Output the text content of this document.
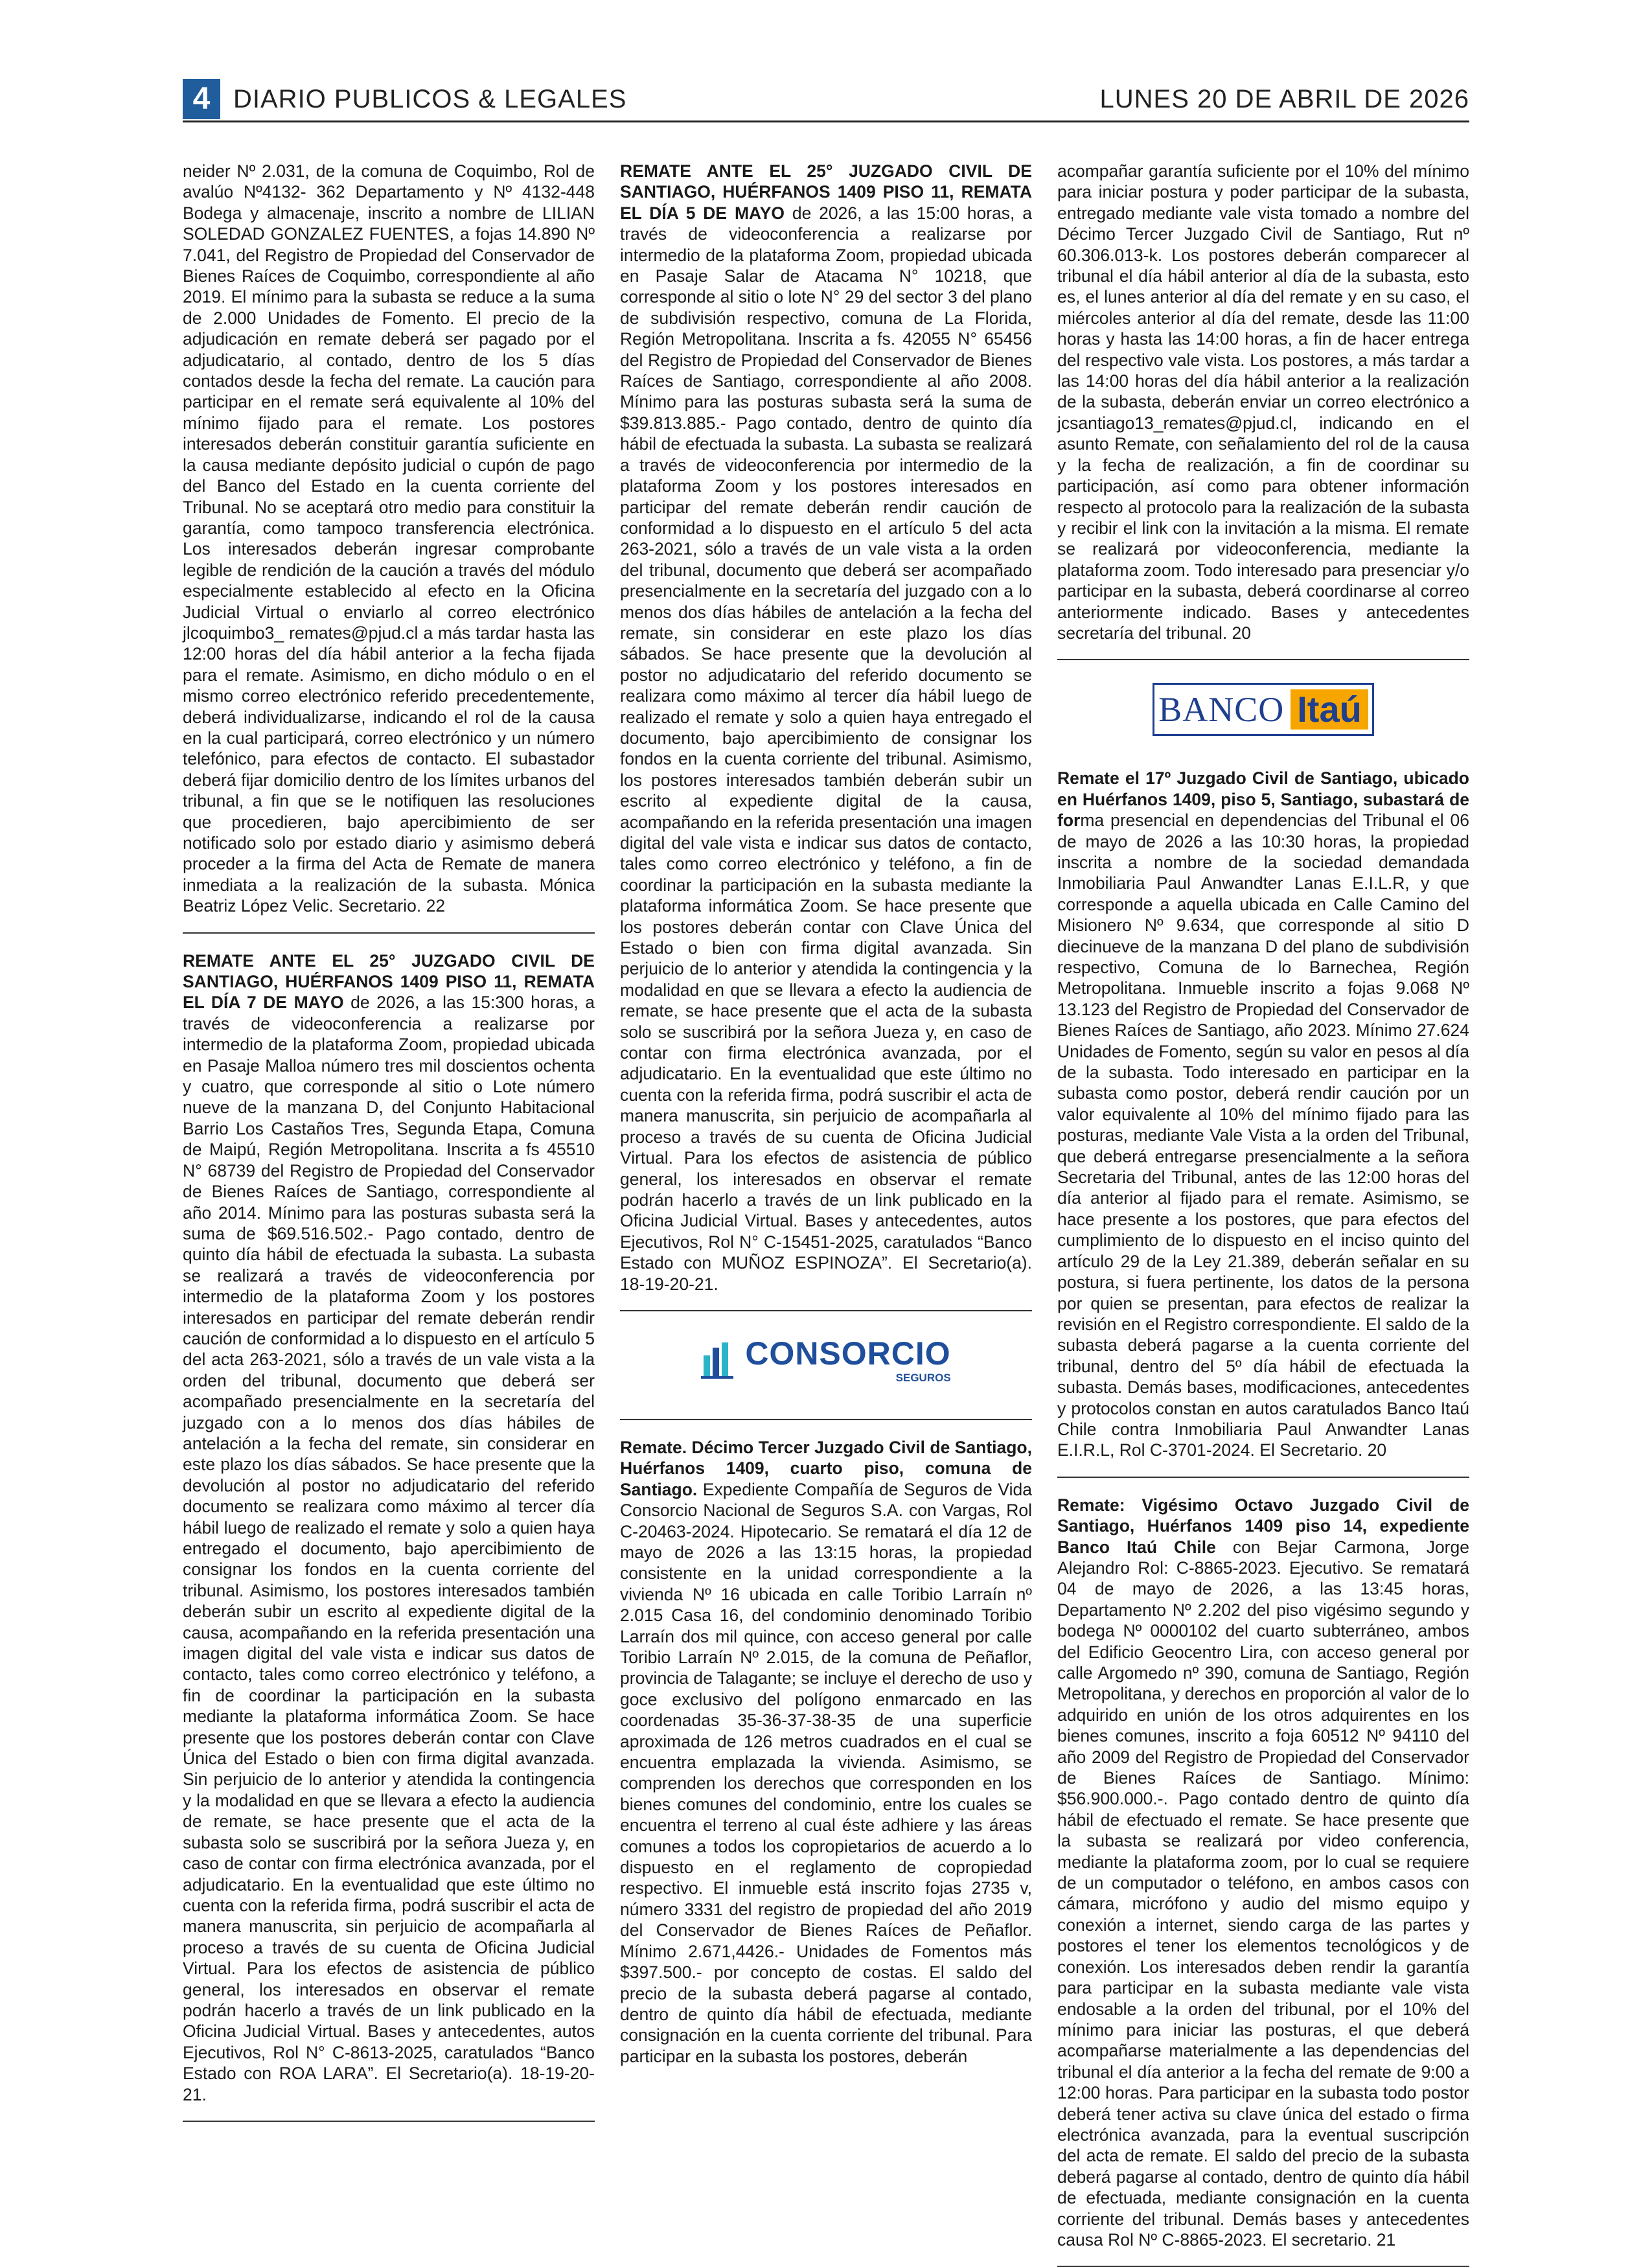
4 DIARIO PUBLICOS & LEGALES	LUNES 20 DE ABRIL DE 2026

neider Nº 2.031, de la comuna de Coquimbo, Rol de avalúo Nº4132- 362 Departamento y Nº 4132-448 Bodega y almacenaje, inscrito a nombre de LILIAN SOLEDAD GONZALEZ FUENTES, a fojas 14.890 Nº 7.041, del Registro de Propiedad del Conservador de Bienes Raíces de Coquimbo, correspondiente al año 2019. El mínimo para la subasta se reduce a la suma de 2.000 Unidades de Fomento. El precio de la adjudicación en remate deberá ser pagado por el adjudicatario, al contado, dentro de los 5 días contados desde la fecha del remate. La caución para participar en el remate será equivalente al 10% del mínimo fijado para el remate. Los postores interesados deberán constituir garantía suficiente en la causa mediante depósito judicial o cupón de pago del Banco del Estado en la cuenta corriente del Tribunal. No se aceptará otro medio para constituir la garantía, como tampoco transferencia electrónica. Los interesados deberán ingresar comprobante legible de rendición de la caución a través del módulo especialmente establecido al efecto en la Oficina Judicial Virtual o enviarlo al correo electrónico jlcoquimbo3_ remates@pjud.cl a más tardar hasta las 12:00 horas del día hábil anterior a la fecha fijada para el remate. Asimismo, en dicho módulo o en el mismo correo electrónico referido precedentemente, deberá individualizarse, indicando el rol de la causa en la cual participará, correo electrónico y un número telefónico, para efectos de contacto. El subastador deberá fijar domicilio dentro de los límites urbanos del tribunal, a fin que se le notifiquen las resoluciones que procedieren, bajo apercibimiento de ser notificado solo por estado diario y asimismo deberá proceder a la firma del Acta de Remate de manera inmediata a la realización de la subasta. Mónica Beatriz López Velic. Secretario. 22

REMATE ANTE EL 25° JUZGADO CIVIL DE SANTIAGO, HUÉRFANOS 1409 PISO 11, REMATA EL DÍA 7 DE MAYO de 2026, a las 15:300 horas, a través de videoconferencia a realizarse por intermedio de la plataforma Zoom, propiedad ubicada en Pasaje Malloa número tres mil doscientos ochenta y cuatro, que corresponde al sitio o Lote número nueve de la manzana D, del Conjunto Habitacional Barrio Los Castaños Tres, Segunda Etapa, Comuna de Maipú, Región Metropolitana. Inscrita a fs 45510 N° 68739 del Registro de Propiedad del Conservador de Bienes Raíces de Santiago, correspondiente al año 2014. Mínimo para las posturas subasta será la suma de $69.516.502.- Pago contado, dentro de quinto día hábil de efectuada la subasta. La subasta se realizará a través de videoconferencia por intermedio de la plataforma Zoom y los postores interesados en participar del remate deberán rendir caución de conformidad a lo dispuesto en el artículo 5 del acta 263-2021, sólo a través de un vale vista a la orden del tribunal, documento que deberá ser acompañado presencialmente en la secretaría del juzgado con a lo menos dos días hábiles de antelación a la fecha del remate, sin considerar en este plazo los días sábados. Se hace presente que la devolución al postor no adjudicatario del referido documento se realizara como máximo al tercer día hábil luego de realizado el remate y solo a quien haya entregado el documento, bajo apercibimiento de consignar los fondos en la cuenta corriente del tribunal. Asimismo, los postores interesados también deberán subir un escrito al expediente digital de la causa, acompañando en la referida presentación una imagen digital del vale vista e indicar sus datos de contacto, tales como correo electrónico y teléfono, a fin de coordinar la participación en la subasta mediante la plataforma informática Zoom. Se hace presente que los postores deberán contar con Clave Única del Estado o bien con firma digital avanzada. Sin perjuicio de lo anterior y atendida la contingencia y la modalidad en que se llevara a efecto la audiencia de remate, se hace presente que el acta de la subasta solo se suscribirá por la señora Jueza y, en caso de contar con firma electrónica avanzada, por el adjudicatario. En la eventualidad que este último no cuenta con la referida firma, podrá suscribir el acta de manera manuscrita, sin perjuicio de acompañarla al proceso a través de su cuenta de Oficina Judicial Virtual. Para los efectos de asistencia de público general, los interesados en observar el remate podrán hacerlo a través de un link publicado en la Oficina Judicial Virtual. Bases y antecedentes, autos Ejecutivos, Rol N° C-8613-2025, caratulados “Banco Estado con ROA LARA”. El Secretario(a). 18-19-20-21.

REMATE ANTE EL 25° JUZGADO CIVIL DE SANTIAGO, HUÉRFANOS 1409 PISO 11, REMATA EL DÍA 5 DE MAYO de 2026, a las 15:00 horas, a través de videoconferencia a realizarse por intermedio de la plataforma Zoom, propiedad ubicada en Pasaje Salar de Atacama N° 10218, que corresponde al sitio o lote N° 29 del sector 3 del plano de subdivisión respectivo, comuna de La Florida, Región Metropolitana. Inscrita a fs. 42055 N° 65456 del Registro de Propiedad del Conservador de Bienes Raíces de Santiago, correspondiente al año 2008. Mínimo para las posturas subasta será la suma de $39.813.885.- Pago contado, dentro de quinto día hábil de efectuada la subasta. La subasta se realizará a través de videoconferencia por intermedio de la plataforma Zoom y los postores interesados en participar del remate deberán rendir caución de conformidad a lo dispuesto en el artículo 5 del acta 263-2021, sólo a través de un vale vista a la orden del tribunal, documento que deberá ser acompañado presencialmente en la secretaría del juzgado con a lo menos dos días hábiles de antelación a la fecha del remate, sin considerar en este plazo los días sábados. Se hace presente que la devolución al postor no adjudicatario del referido documento se realizara como máximo al tercer día hábil luego de realizado el remate y solo a quien haya entregado el documento, bajo apercibimiento de consignar los fondos en la cuenta corriente del tribunal. Asimismo, los postores interesados también deberán subir un escrito al expediente digital de la causa, acompañando en la referida presentación una imagen digital del vale vista e indicar sus datos de contacto, tales como correo electrónico y teléfono, a fin de coordinar la participación en la subasta mediante la plataforma informática Zoom. Se hace presente que los postores deberán contar con Clave Única del Estado o bien con firma digital avanzada. Sin perjuicio de lo anterior y atendida la contingencia y la modalidad en que se llevara a efecto la audiencia de remate, se hace presente que el acta de la subasta solo se suscribirá por la señora Jueza y, en caso de contar con firma electrónica avanzada, por el adjudicatario. En la eventualidad que este último no cuenta con la referida firma, podrá suscribir el acta de manera manuscrita, sin perjuicio de acompañarla al proceso a través de su cuenta de Oficina Judicial Virtual. Para los efectos de asistencia de público general, los interesados en observar el remate podrán hacerlo a través de un link publicado en la Oficina Judicial Virtual. Bases y antecedentes, autos Ejecutivos, Rol N° C-15451-2025, caratulados “Banco Estado con MUÑOZ ESPINOZA”. El Secretario(a). 18-19-20-21.

CONSORCIO
SEGUROS

Remate. Décimo Tercer Juzgado Civil de Santiago, Huérfanos 1409, cuarto piso, comuna de Santiago. Expediente Compañía de Seguros de Vida Consorcio Nacional de Seguros S.A. con Vargas, Rol C-20463-2024. Hipotecario. Se rematará el día 12 de mayo de 2026 a las 13:15 horas, la propiedad consistente en la unidad correspondiente a la vivienda Nº 16 ubicada en calle Toribio Larraín nº 2.015 Casa 16, del condominio denominado Toribio Larraín dos mil quince, con acceso general por calle Toribio Larraín Nº 2.015, de la comuna de Peñaflor, provincia de Talagante; se incluye el derecho de uso y goce exclusivo del polígono enmarcado en las coordenadas 35-36-37-38-35 de una superficie aproximada de 126 metros cuadrados en el cual se encuentra emplazada la vivienda. Asimismo, se comprenden los derechos que corresponden en los bienes comunes del condominio, entre los cuales se encuentra el terreno al cual éste adhiere y las áreas comunes a todos los copropietarios de acuerdo a lo dispuesto en el reglamento de copropiedad respectivo. El inmueble está inscrito fojas 2735 v, número 3331 del registro de propiedad del año 2019 del Conservador de Bienes Raíces de Peñaflor. Mínimo 2.671,4426.- Unidades de Fomentos más $397.500.- por concepto de costas. El saldo del precio de la subasta deberá pagarse al contado, dentro de quinto día hábil de efectuada, mediante consignación en la cuenta corriente del tribunal. Para participar en la subasta los postores, deberán

acompañar garantía suficiente por el 10% del mínimo para iniciar postura y poder participar de la subasta, entregado mediante vale vista tomado a nombre del Décimo Tercer Juzgado Civil de Santiago, Rut nº 60.306.013-k. Los postores deberán comparecer al tribunal el día hábil anterior al día de la subasta, esto es, el lunes anterior al día del remate y en su caso, el miércoles anterior al día del remate, desde las 11:00 horas y hasta las 14:00 horas, a fin de hacer entrega del respectivo vale vista. Los postores, a más tardar a las 14:00 horas del día hábil anterior a la realización de la subasta, deberán enviar un correo electrónico a jcsantiago13_remates@pjud.cl, indicando en el asunto Remate, con señalamiento del rol de la causa y la fecha de realización, a fin de coordinar su participación, así como para obtener información respecto al protocolo para la realización de la subasta y recibir el link con la invitación a la misma. El remate se realizará por videoconferencia, mediante la plataforma zoom. Todo interesado para presenciar y/o participar en la subasta, deberá coordinarse al correo anteriormente indicado. Bases y antecedentes secretaría del tribunal. 20

BANCO Itaú

Remate el 17º Juzgado Civil de Santiago, ubicado en Huérfanos 1409, piso 5, Santiago, subastará de forma presencial en dependencias del Tribunal el 06 de mayo de 2026 a las 10:30 horas, la propiedad inscrita a nombre de la sociedad demandada Inmobiliaria Paul Anwandter Lanas E.I.L.R, y que corresponde a aquella ubicada en Calle Camino del Misionero Nº 9.634, que corresponde al sitio D diecinueve de la manzana D del plano de subdivisión respectivo, Comuna de lo Barnechea, Región Metropolitana. Inmueble inscrito a fojas 9.068 Nº 13.123 del Registro de Propiedad del Conservador de Bienes Raíces de Santiago, año 2023. Mínimo 27.624 Unidades de Fomento, según su valor en pesos al día de la subasta. Todo interesado en participar en la subasta como postor, deberá rendir caución por un valor equivalente al 10% del mínimo fijado para las posturas, mediante Vale Vista a la orden del Tribunal, que deberá entregarse presencialmente a la señora Secretaria del Tribunal, antes de las 12:00 horas del día anterior al fijado para el remate. Asimismo, se hace presente a los postores, que para efectos del cumplimiento de lo dispuesto en el inciso quinto del artículo 29 de la Ley 21.389, deberán señalar en su postura, si fuera pertinente, los datos de la persona por quien se presentan, para efectos de realizar la revisión en el Registro correspondiente. El saldo de la subasta deberá pagarse a la cuenta corriente del tribunal, dentro del 5º día hábil de efectuada la subasta. Demás bases, modificaciones, antecedentes y protocolos constan en autos caratulados Banco Itaú Chile contra Inmobiliaria Paul Anwandter Lanas E.I.R.L, Rol C-3701-2024. El Secretario. 20

Remate: Vigésimo Octavo Juzgado Civil de Santiago, Huérfanos 1409 piso 14, expediente Banco Itaú Chile con Bejar Carmona, Jorge Alejandro Rol: C-8865-2023. Ejecutivo. Se rematará 04 de mayo de 2026, a las 13:45 horas, Departamento Nº 2.202 del piso vigésimo segundo y bodega Nº 0000102 del cuarto subterráneo, ambos del Edificio Geocentro Lira, con acceso general por calle Argomedo nº 390, comuna de Santiago, Región Metropolitana, y derechos en proporción al valor de lo adquirido en unión de los otros adquirentes en los bienes comunes, inscrito a foja 60512 Nº 94110 del año 2009 del Registro de Propiedad del Conservador de Bienes Raíces de Santiago. Mínimo: $56.900.000.-. Pago contado dentro de quinto día hábil de efectuado el remate. Se hace presente que la subasta se realizará por video conferencia, mediante la plataforma zoom, por lo cual se requiere de un computador o teléfono, en ambos casos con cámara, micrófono y audio del mismo equipo y conexión a internet, siendo carga de las partes y postores el tener los elementos tecnológicos y de conexión. Los interesados deben rendir la garantía para participar en la subasta mediante vale vista endosable a la orden del tribunal, por el 10% del mínimo para iniciar las posturas, el que deberá acompañarse materialmente a las dependencias del tribunal el día anterior a la fecha del remate de 9:00 a 12:00 horas. Para participar en la subasta todo postor deberá tener activa su clave única del estado o firma electrónica avanzada, para la eventual suscripción del acta de remate. El saldo del precio de la subasta deberá pagarse al contado, dentro de quinto día hábil de efectuada, mediante consignación en la cuenta corriente del tribunal. Demás bases y antecedentes causa Rol Nº C-8865-2023. El secretario. 21
